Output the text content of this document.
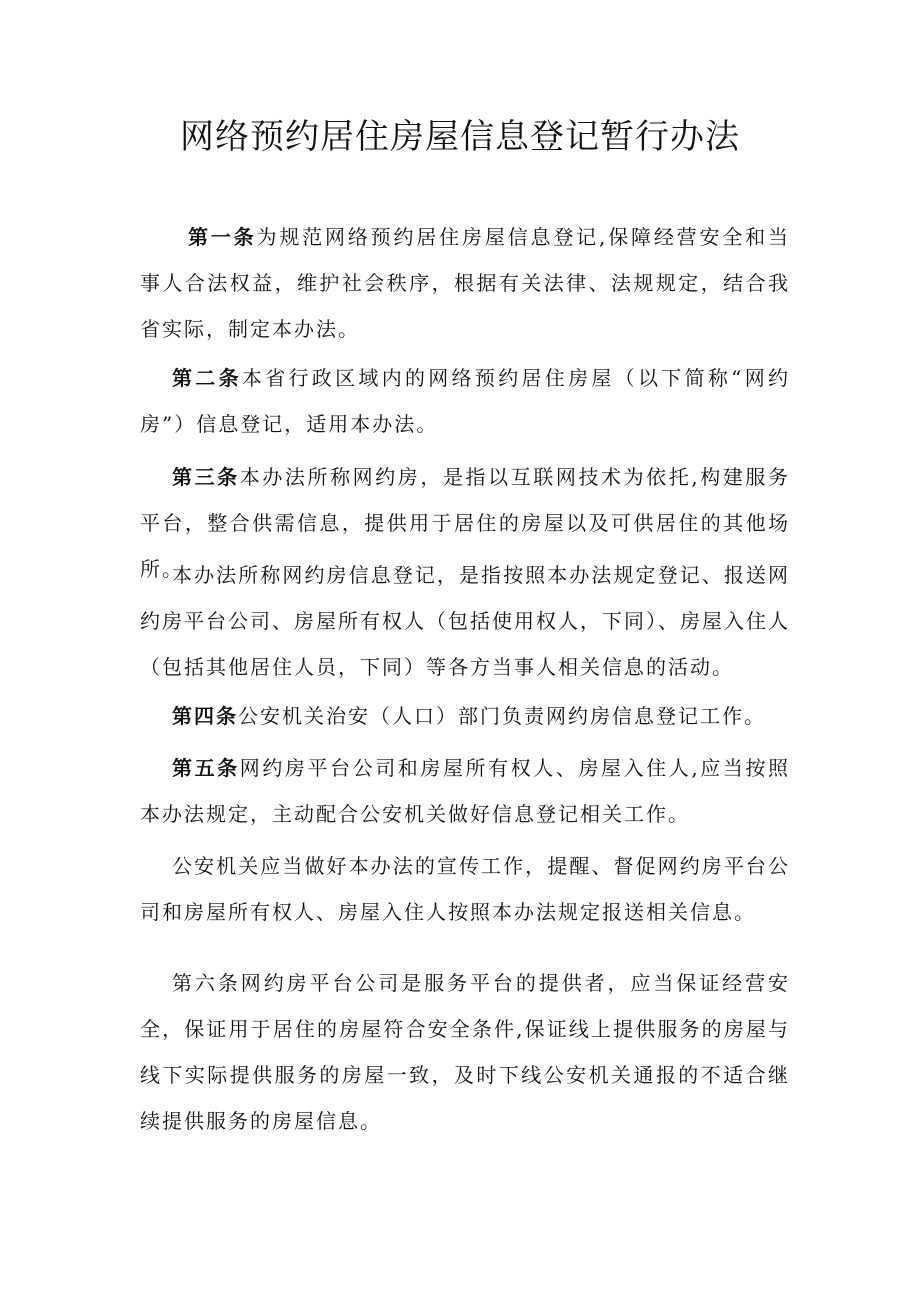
网络预约居住房屋信息登记暂行办法

第一条为规范网络预约居住房屋信息登记,保障经营安全和当事人合法权益，维护社会秩序，根据有关法律、法规规定，结合我省实际，制定本办法。

第二条本省行政区域内的网络预约居住房屋（以下简称“网约房”）信息登记，适用本办法。

第三条本办法所称网约房，是指以互联网技术为依托,构建服务平台，整合供需信息，提供用于居住的房屋以及可供居住的其他场所。

本办法所称网约房信息登记，是指按照本办法规定登记、报送网约房平台公司、房屋所有权人（包括使用权人，下同）、房屋入住人（包括其他居住人员，下同）等各方当事人相关信息的活动。

第四条公安机关治安（人口）部门负责网约房信息登记工作。

第五条网约房平台公司和房屋所有权人、房屋入住人,应当按照本办法规定，主动配合公安机关做好信息登记相关工作。

公安机关应当做好本办法的宣传工作，提醒、督促网约房平台公司和房屋所有权人、房屋入住人按照本办法规定报送相关信息。

第六条网约房平台公司是服务平台的提供者，应当保证经营安全，保证用于居住的房屋符合安全条件,保证线上提供服务的房屋与线下实际提供服务的房屋一致，及时下线公安机关通报的不适合继续提供服务的房屋信息。
